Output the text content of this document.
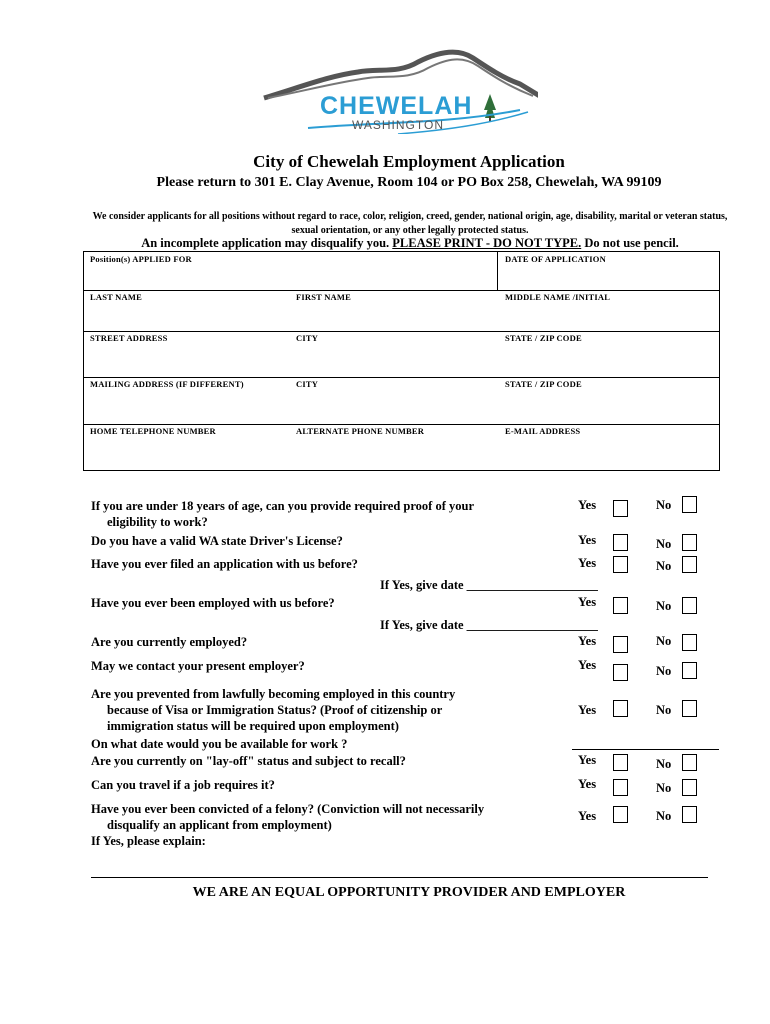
CHEWELAH
WASHINGTON
City of Chewelah Employment Application
Please return to 301 E. Clay Avenue, Room 104 or PO Box 258, Chewelah, WA 99109
We consider applicants for all positions without regard to race, color, religion, creed, gender, national origin, age, disability, marital or veteran status, sexual orientation, or any other legally protected status.
An incomplete application may disqualify you. PLEASE PRINT - DO NOT TYPE. Do not use pencil.
Position(s) APPLIED FOR	DATE OF APPLICATION
LAST NAME	FIRST NAME	MIDDLE NAME /INITIAL
STREET ADDRESS	CITY	STATE / ZIP CODE
MAILING ADDRESS (IF DIFFERENT)	CITY	STATE / ZIP CODE
HOME TELEPHONE NUMBER	ALTERNATE PHONE NUMBER	E-MAIL ADDRESS
If you are under 18 years of age, can you provide required proof of your
eligibility to work?
Yes	No
Do you have a valid WA state Driver's License?	Yes	No
Have you ever filed an application with us before?	Yes	No
If Yes, give date _____________________
Have you ever been employed with us before?	Yes	No
If Yes, give date _____________________
Are you currently employed?	Yes	No
May we contact your present employer?	Yes	No
Are you prevented from lawfully becoming employed in this country
because of Visa or Immigration Status? (Proof of citizenship or
immigration status will be required upon employment)
Yes	No
On what date would you be available for work ?
Are you currently on "lay-off" status and subject to recall?	Yes	No
Can you travel if a job requires it?	Yes	No
Have you ever been convicted of a felony? (Conviction will not necessarily
disqualify an applicant from employment)
If Yes, please explain:
Yes	No
WE ARE AN EQUAL OPPORTUNITY PROVIDER AND EMPLOYER
